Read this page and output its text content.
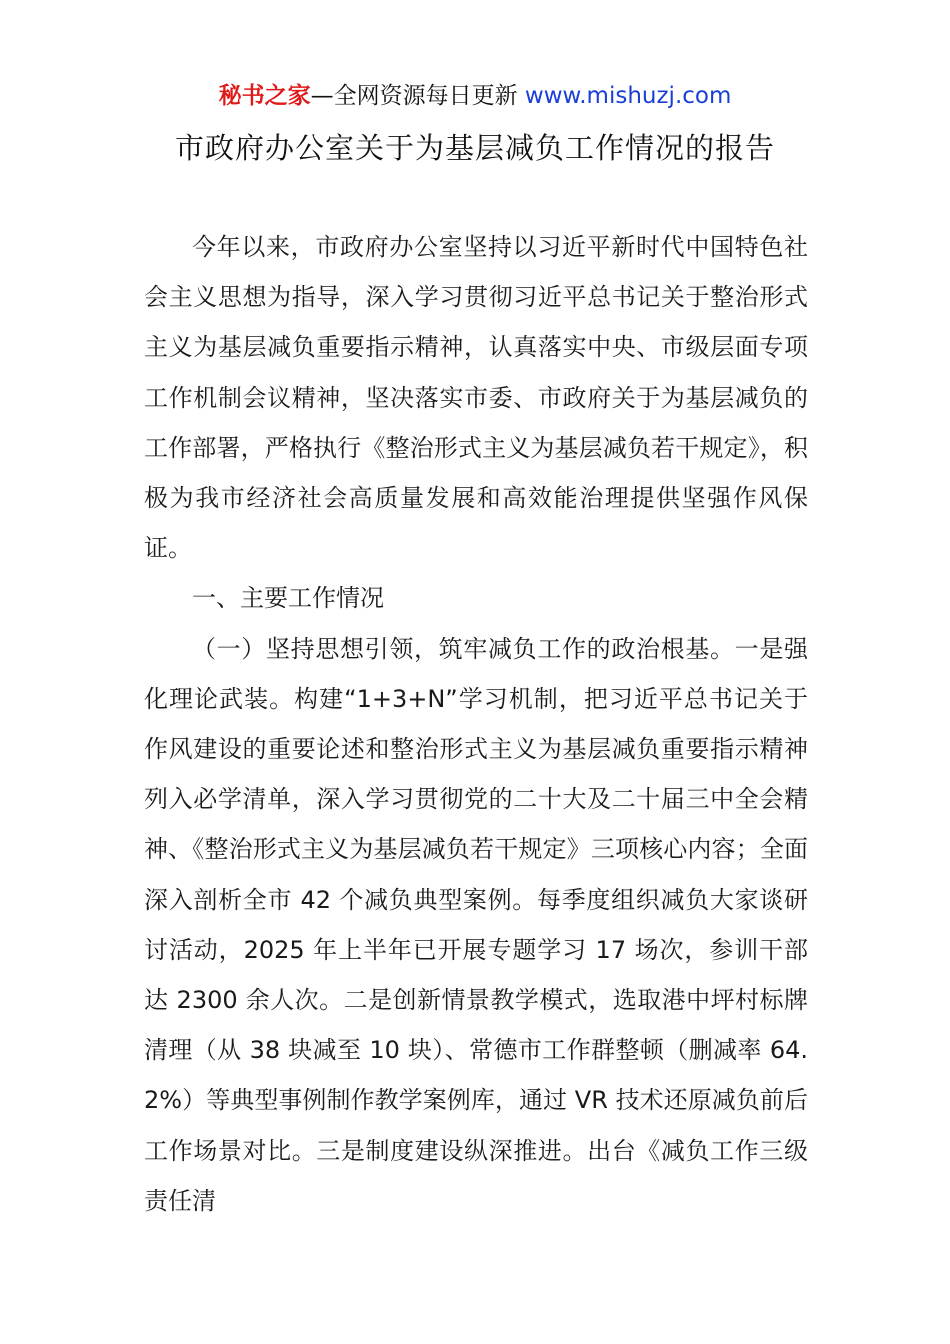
秘书之家—全网资源每日更新 www.mishuzj.com
市政府办公室关于为基层减负工作情况的报告

今年以来，市政府办公室坚持以习近平新时代中国特色社会主义思想为指导，深入学习贯彻习近平总书记关于整治形式主义为基层减负重要指示精神，认真落实中央、市级层面专项工作机制会议精神，坚决落实市委、市政府关于为基层减负的工作部署，严格执行《整治形式主义为基层减负若干规定》，积极为我市经济社会高质量发展和高效能治理提供坚强作风保证。

一、主要工作情况

（一）坚持思想引领，筑牢减负工作的政治根基。一是强化理论武装。构建“1+3+N”学习机制，把习近平总书记关于作风建设的重要论述和整治形式主义为基层减负重要指示精神列入必学清单，深入学习贯彻党的二十大及二十届三中全会精神、《整治形式主义为基层减负若干规定》三项核心内容；全面深入剖析全市 42 个减负典型案例。每季度组织减负大家谈研讨活动，2025 年上半年已开展专题学习 17 场次，参训干部达 2300 余人次。二是创新情景教学模式，选取港中坪村标牌清理（从 38 块减至 10 块）、常德市工作群整顿（删减率 64.2%）等典型事例制作教学案例库，通过 VR 技术还原减负前后工作场景对比。三是制度建设纵深推进。出台《减负工作三级责任清
